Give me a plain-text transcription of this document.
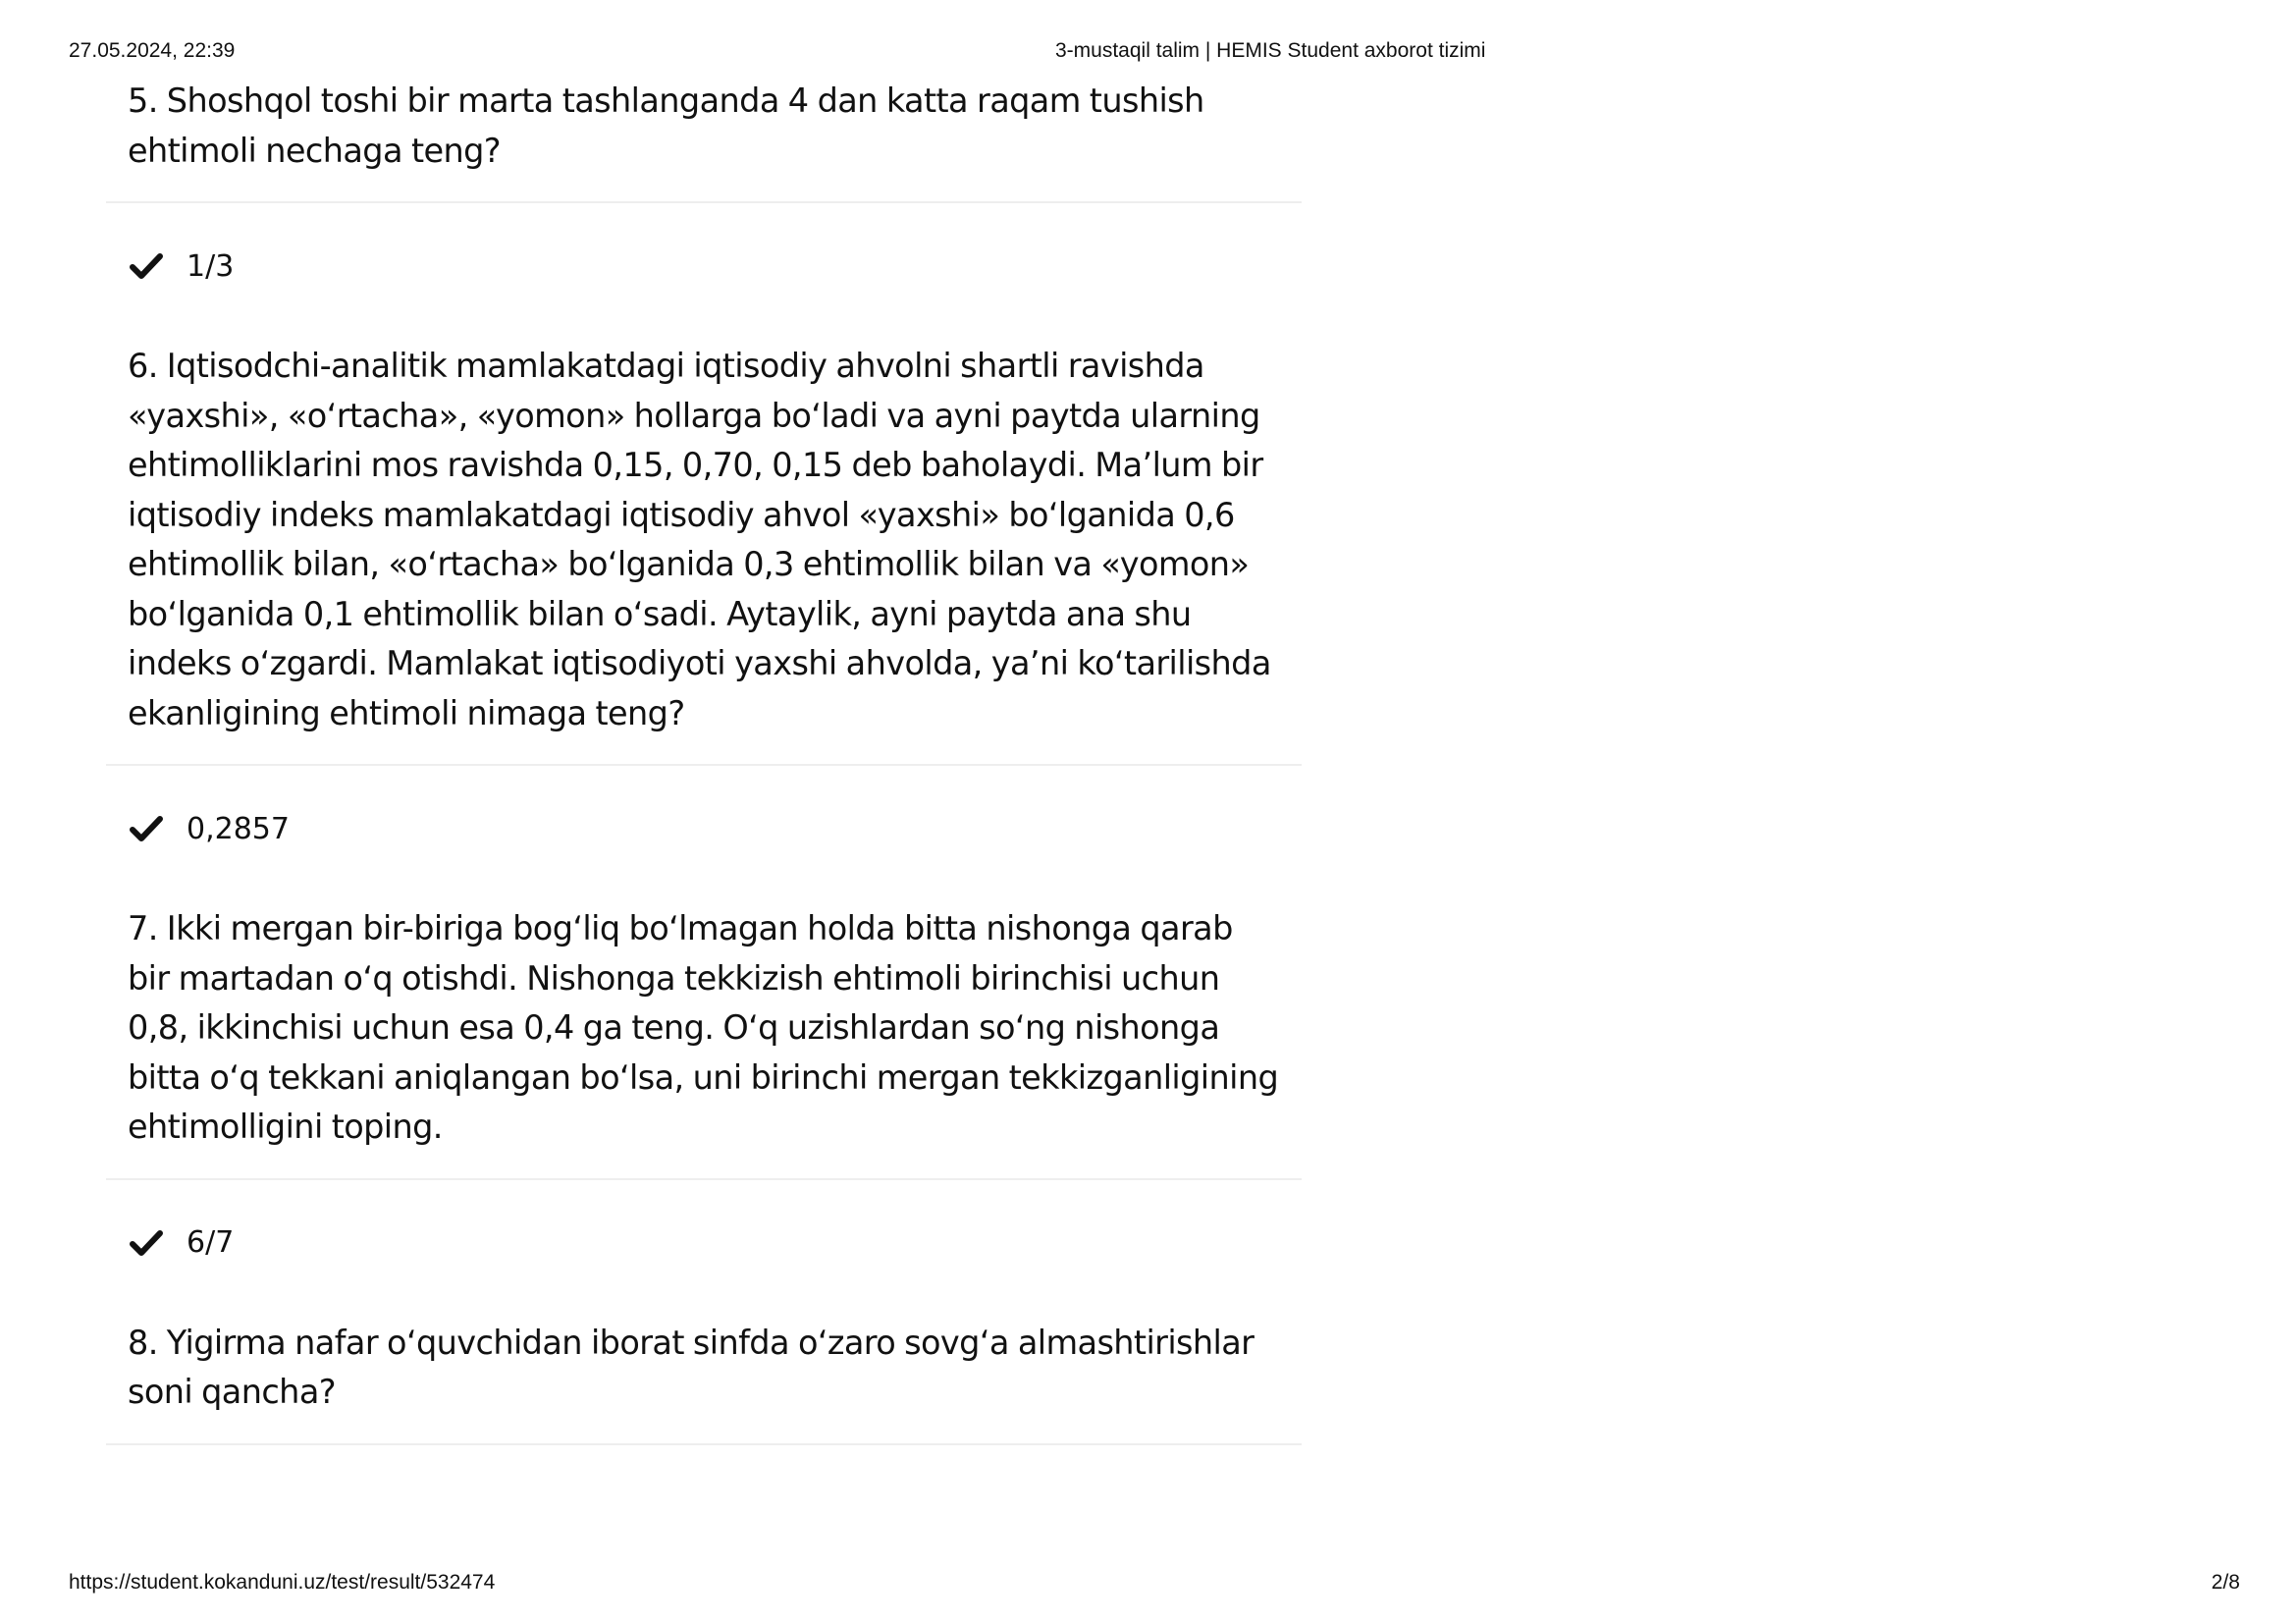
27.05.2024, 22:39	3-mustaqil talim | HEMIS Student axborot tizimi
5. Shoshqol toshi bir marta tashlanganda 4 dan katta raqam tushish ehtimoli nechaga teng?
1/3
6. Iqtisodchi-analitik mamlakatdagi iqtisodiy ahvolni shartli ravishda «yaxshi», «oʻrtacha», «yomon» hollarga boʻladi va ayni paytda ularning ehtimolliklarini mos ravishda 0,15, 0,70, 0,15 deb baholaydi. Maʼlum bir iqtisodiy indeks mamlakatdagi iqtisodiy ahvol «yaxshi» boʻlganida 0,6 ehtimollik bilan, «oʻrtacha» boʻlganida 0,3 ehtimollik bilan va «yomon» boʻlganida 0,1 ehtimollik bilan oʻsadi. Aytaylik, ayni paytda ana shu indeks oʻzgardi. Mamlakat iqtisodiyoti yaxshi ahvolda, yaʼni koʻtarilishda ekanligining ehtimoli nimaga teng?
0,2857
7. Ikki mergan bir-biriga bogʻliq boʻlmagan holda bitta nishonga qarab bir martadan oʻq otishdi. Nishonga tekkizish ehtimoli birinchisi uchun 0,8, ikkinchisi uchun esa 0,4 ga teng. Oʻq uzishlardan soʻng nishonga bitta oʻq tekkani aniqlangan boʻlsa, uni birinchi mergan tekkizganligining ehtimolligini toping.
6/7
8. Yigirma nafar oʻquvchidan iborat sinfda oʻzaro sovgʻa almashtirishlar soni qancha?
https://student.kokanduni.uz/test/result/532474	2/8
